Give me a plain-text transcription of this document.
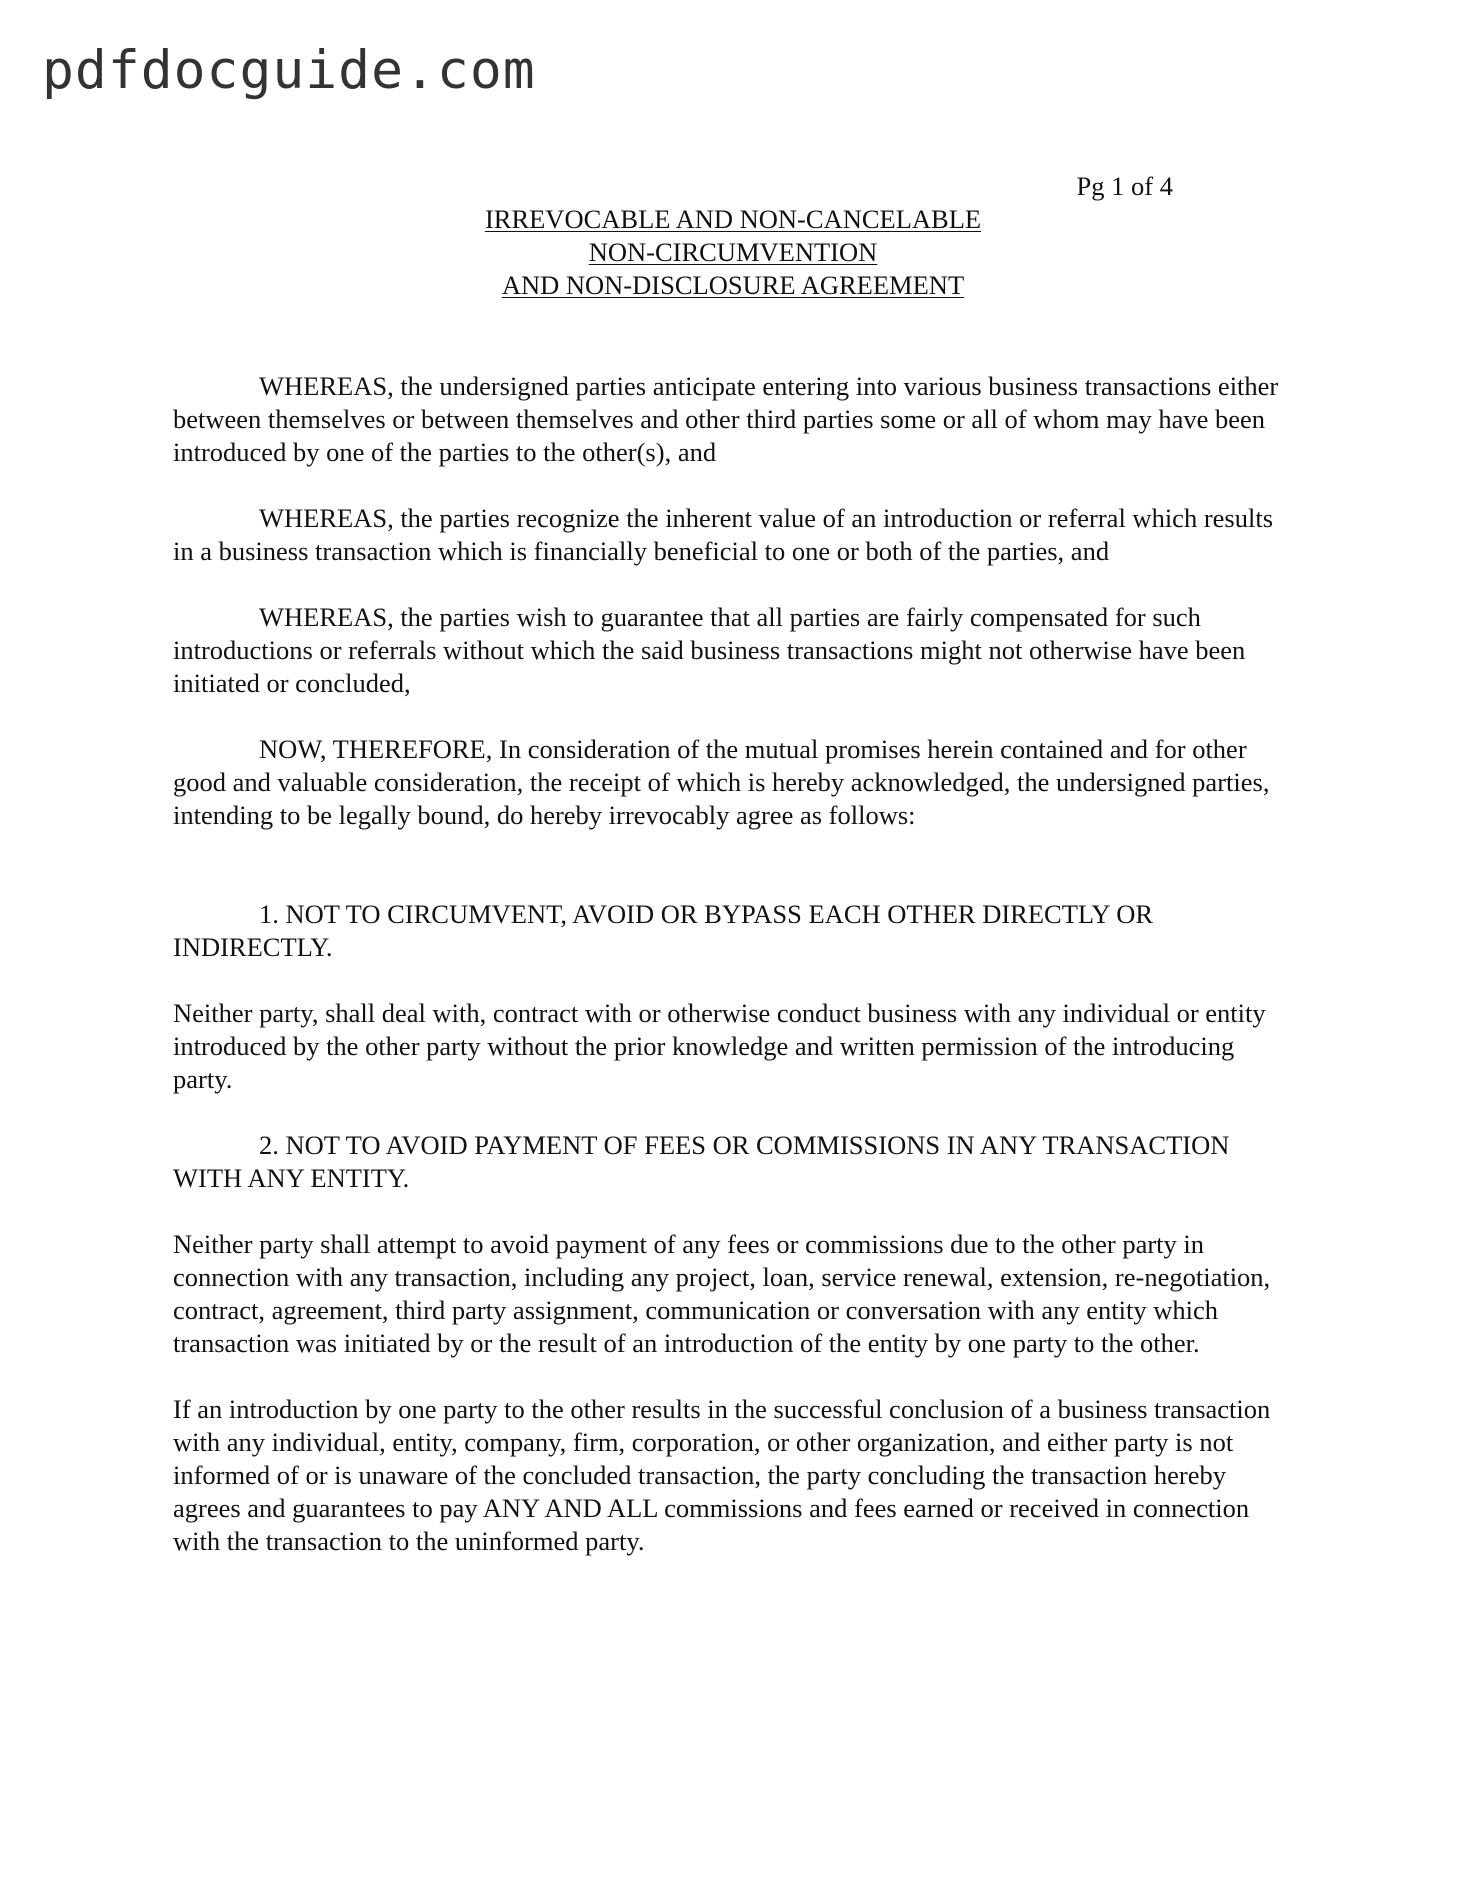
pdfdocguide.com
Pg 1 of 4
IRREVOCABLE AND NON-CANCELABLE
NON-CIRCUMVENTION
AND NON-DISCLOSURE AGREEMENT

WHEREAS, the undersigned parties anticipate entering into various business transactions either between themselves or between themselves and other third parties some or all of whom may have been introduced by one of the parties to the other(s), and

WHEREAS, the parties recognize the inherent value of an introduction or referral which results in a business transaction which is financially beneficial to one or both of the parties, and

WHEREAS, the parties wish to guarantee that all parties are fairly compensated for such introductions or referrals without which the said business transactions might not otherwise have been initiated or concluded,

NOW, THEREFORE, In consideration of the mutual promises herein contained and for other good and valuable consideration, the receipt of which is hereby acknowledged, the undersigned parties, intending to be legally bound, do hereby irrevocably agree as follows:

1. NOT TO CIRCUMVENT, AVOID OR BYPASS EACH OTHER DIRECTLY OR INDIRECTLY.

Neither party, shall deal with, contract with or otherwise conduct business with any individual or entity introduced by the other party without the prior knowledge and written permission of the introducing party.

2. NOT TO AVOID PAYMENT OF FEES OR COMMISSIONS IN ANY TRANSACTION WITH ANY ENTITY.

Neither party shall attempt to avoid payment of any fees or commissions due to the other party in connection with any transaction, including any project, loan, service renewal, extension, re-negotiation, contract, agreement, third party assignment, communication or conversation with any entity which transaction was initiated by or the result of an introduction of the entity by one party to the other.

If an introduction by one party to the other results in the successful conclusion of a business transaction with any individual, entity, company, firm, corporation, or other organization, and either party is not informed of or is unaware of the concluded transaction, the party concluding the transaction hereby agrees and guarantees to pay ANY AND ALL commissions and fees earned or received in connection with the transaction to the uninformed party.
